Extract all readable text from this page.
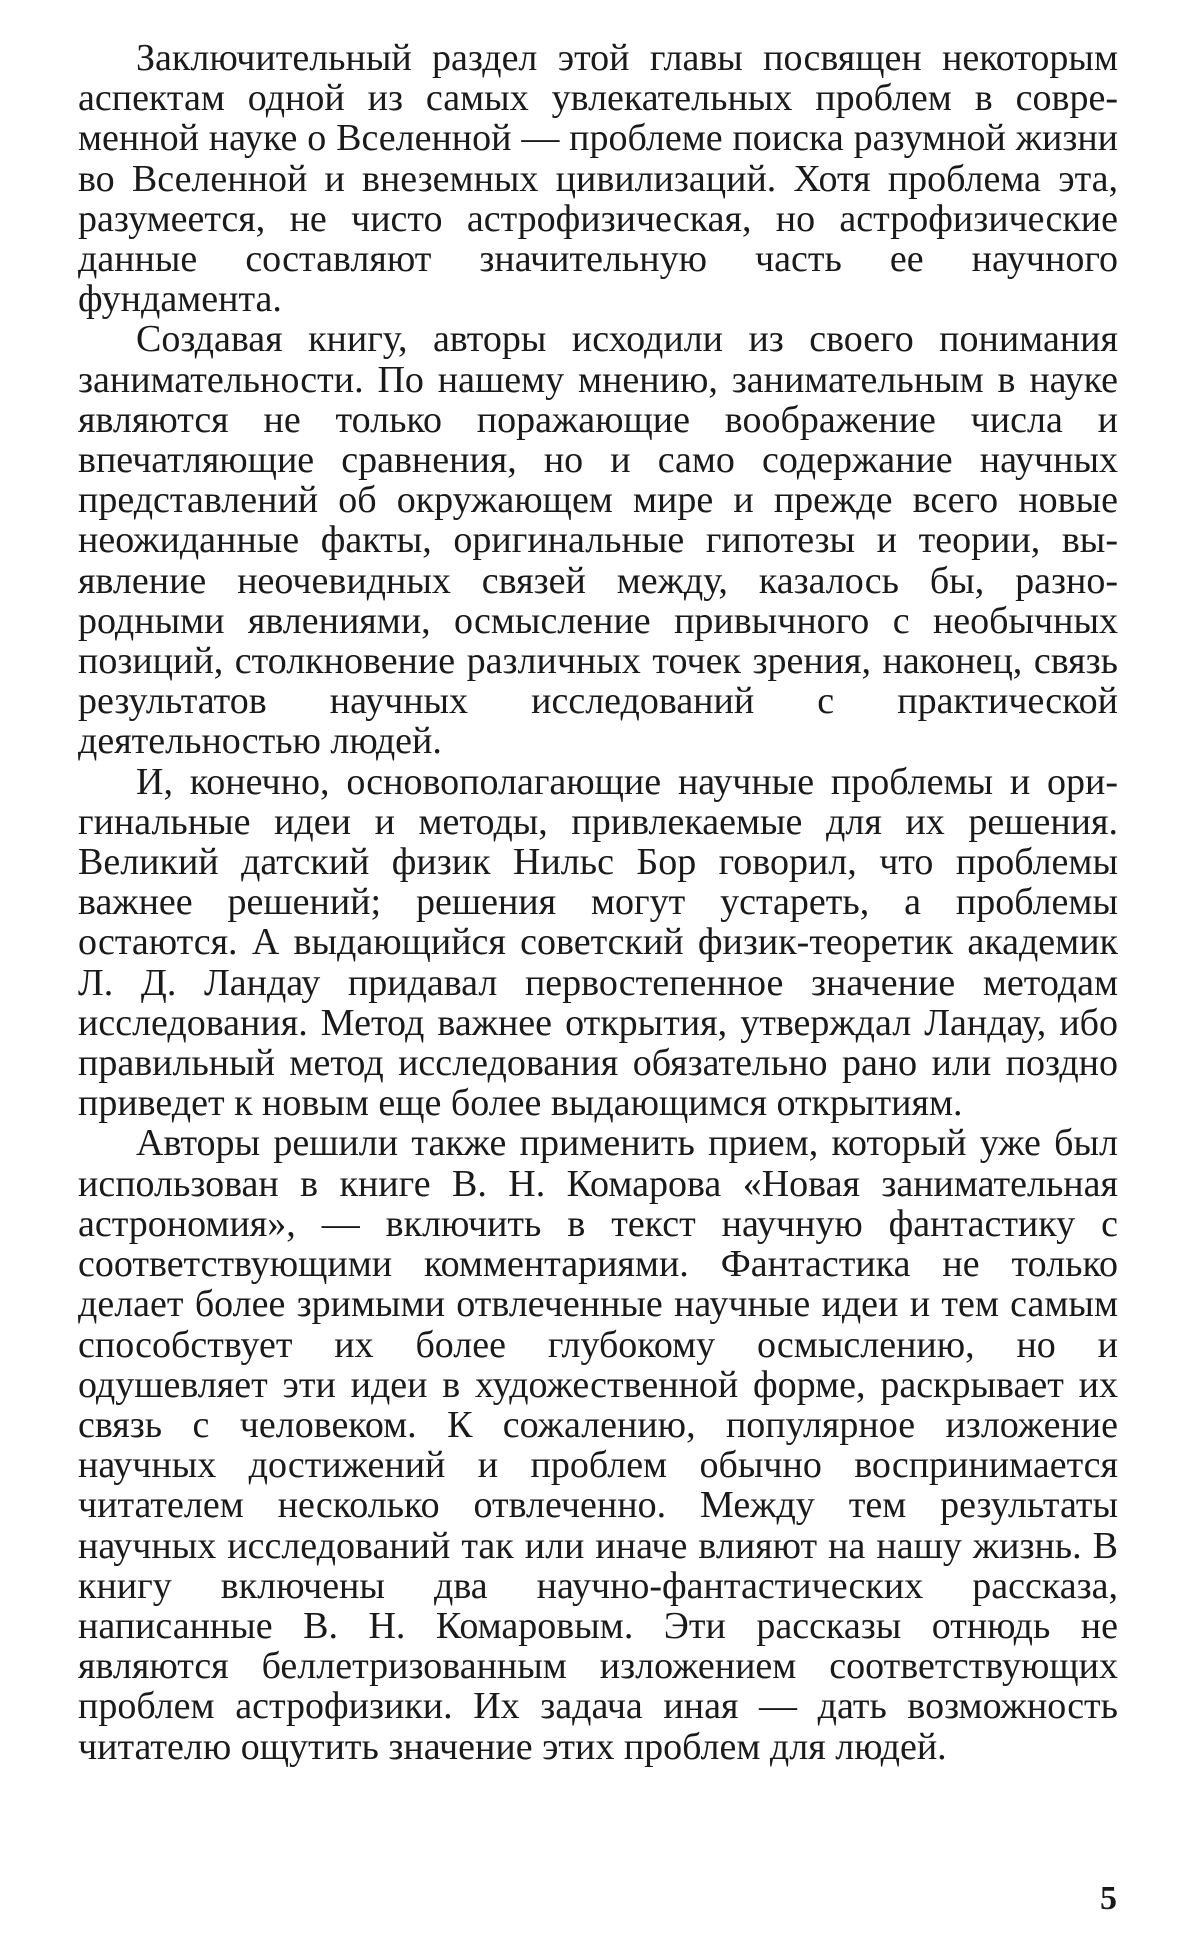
Заключительный раздел этой главы посвящен некоторым аспектам одной из самых увлекательных проблем в современной науке о Вселенной — проблеме поиска разумной жизни во Вселенной и внеземных цивилизаций. Хотя проблема эта, разумеется, не чисто астрофизическая, но астрофизические данные составляют значительную часть ее научного фундамента.

Создавая книгу, авторы исходили из своего понимания занимательности. По нашему мнению, занимательным в науке являются не только поражающие воображение числа и впечатляющие сравнения, но и само содержание научных представлений об окружающем мире и прежде всего новые неожиданные факты, оригинальные гипотезы и теории, выявление неочевидных связей между, казалось бы, разнородными явлениями, осмысление привычного с необычных позиций, столкновение различных точек зрения, наконец, связь результатов научных исследований с практической деятельностью людей.

И, конечно, основополагающие научные проблемы и оригинальные идеи и методы, привлекаемые для их решения. Великий датский физик Нильс Бор говорил, что проблемы важнее решений; решения могут устареть, а проблемы остаются. А выдающийся советский физик-теоретик академик Л. Д. Ландау придавал первостепенное значение методам исследования. Метод важнее открытия, утверждал Ландау, ибо правильный метод исследования обязательно рано или поздно приведет к новым еще более выдающимся открытиям.

Авторы решили также применить прием, который уже был использован в книге В. Н. Комарова «Новая занимательная астрономия», — включить в текст научную фантастику с соответствующими комментариями. Фантастика не только делает более зримыми отвлеченные научные идеи и тем самым способствует их более глубокому осмыслению, но и одушевляет эти идеи в художественной форме, раскрывает их связь с человеком. К сожалению, популярное изложение научных достижений и проблем обычно воспринимается читателем несколько отвлеченно. Между тем результаты научных исследований так или иначе влияют на нашу жизнь. В книгу включены два научно-фантастических рассказа, написанные В. Н. Комаровым. Эти рассказы отнюдь не являются беллетризованным изложением соответствующих проблем астрофизики. Их задача иная — дать возможность читателю ощутить значение этих проблем для людей.

5
